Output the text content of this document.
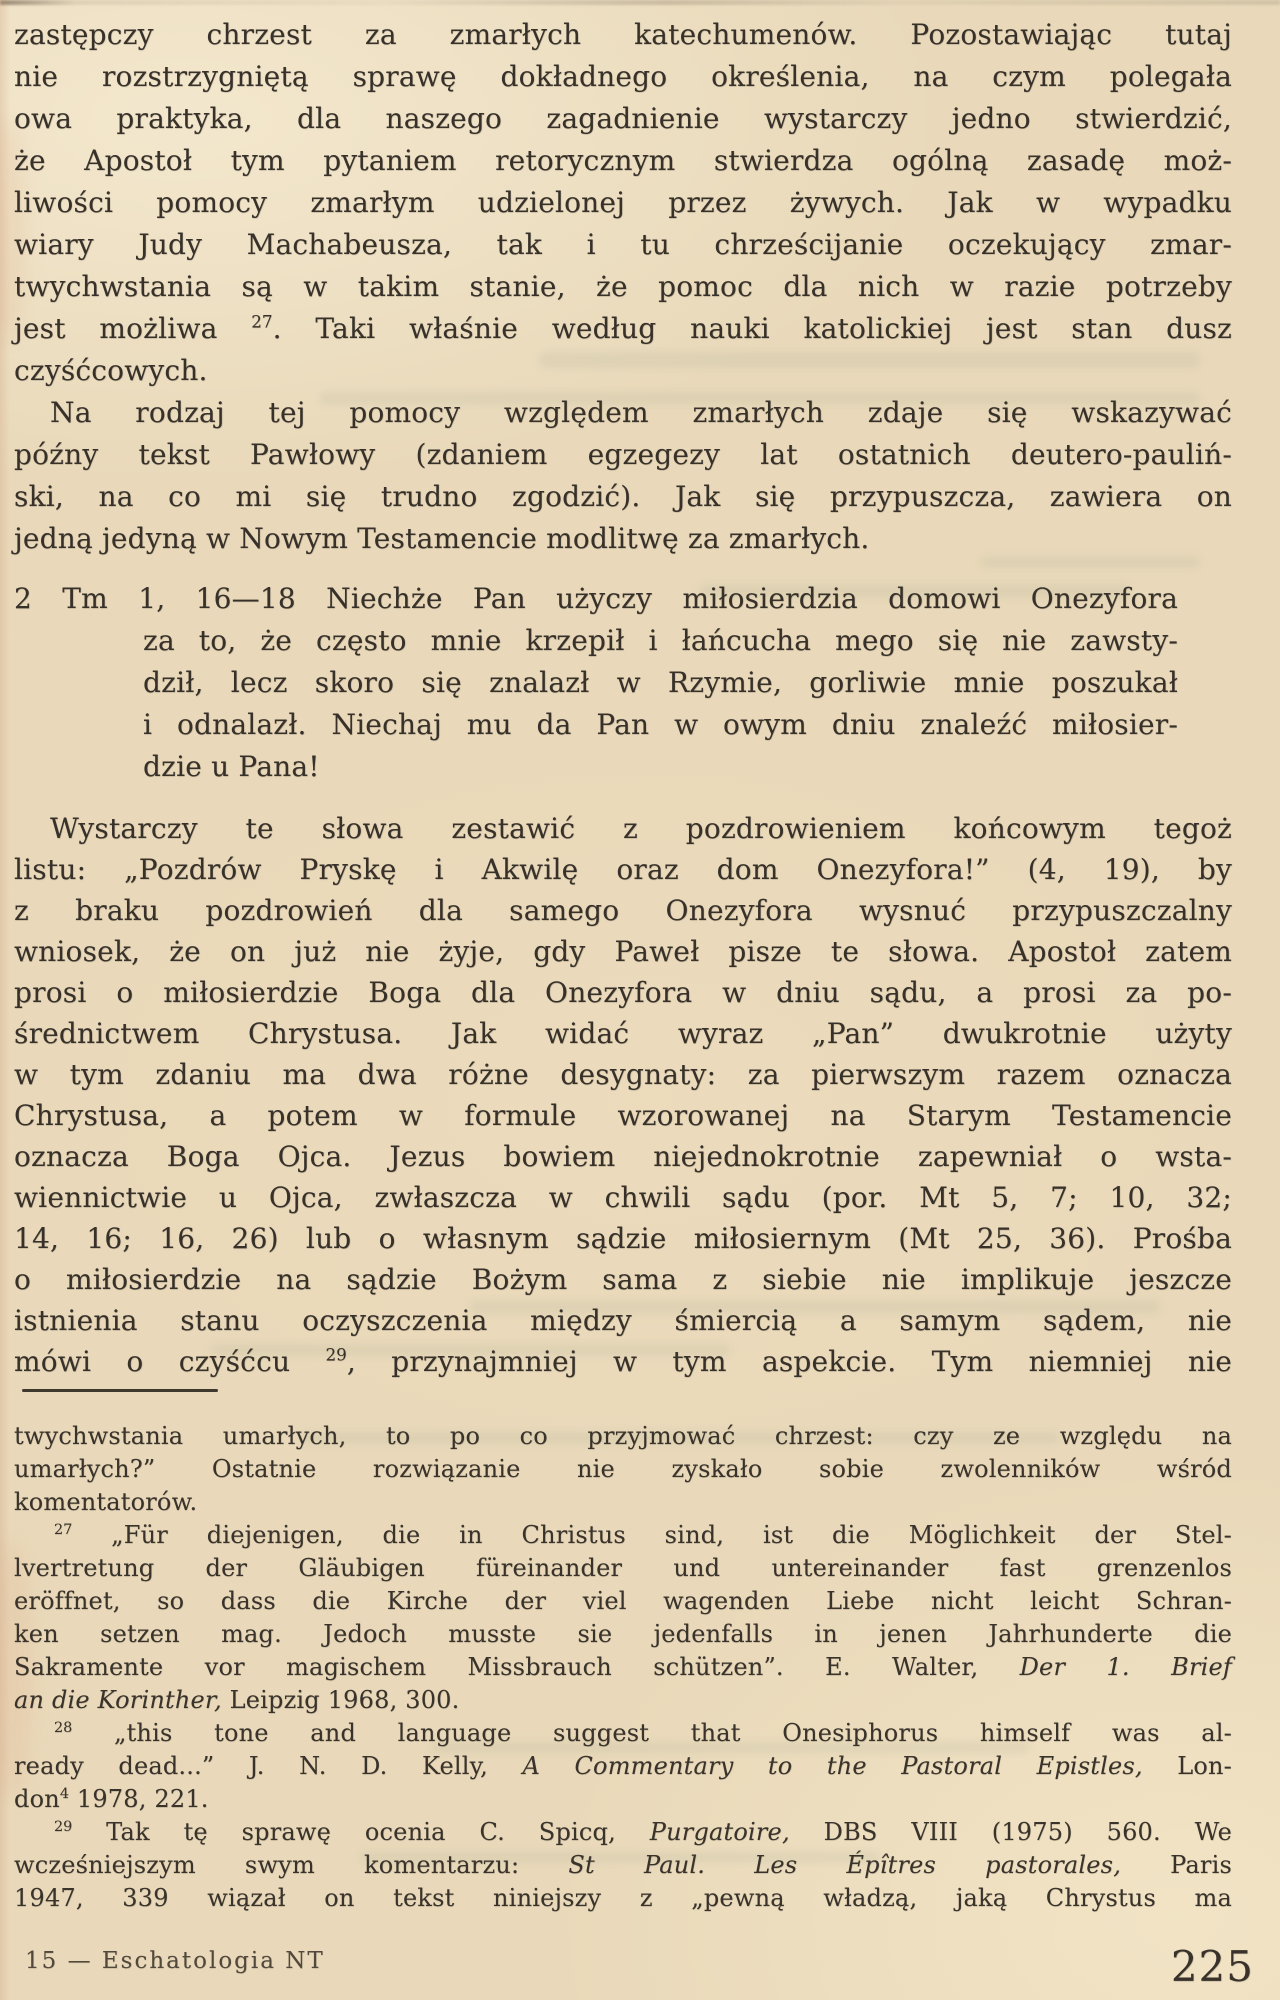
zastępczy chrzest za zmarłych katechumenów. Pozostawiając tutaj
nie rozstrzygniętą sprawę dokładnego określenia, na czym polegała
owa praktyka, dla naszego zagadnienie wystarczy jedno stwierdzić,
że Apostoł tym pytaniem retorycznym stwierdza ogólną zasadę moż-
liwości pomocy zmarłym udzielonej przez żywych. Jak w wypadku
wiary Judy Machabeusza, tak i tu chrześcijanie oczekujący zmar-
twychwstania są w takim stanie, że pomoc dla nich w razie potrzeby
jest możliwa $^{27}$. Taki właśnie według nauki katolickiej jest stan dusz
czyśćcowych.
Na rodzaj tej pomocy względem zmarłych zdaje się wskazywać
późny tekst Pawłowy (zdaniem egzegezy lat ostatnich deutero-pauliń-
ski, na co mi się trudno zgodzić). Jak się przypuszcza, zawiera on
jedną jedyną w Nowym Testamencie modlitwę za zmarłych.
2 Tm 1, 16—18 Niechże Pan użyczy miłosierdzia domowi Onezyfora
za to, że często mnie krzepił i łańcucha mego się nie zawsty-
dził, lecz skoro się znalazł w Rzymie, gorliwie mnie poszukał
i odnalazł. Niechaj mu da Pan w owym dniu znaleźć miłosier-
dzie u Pana!
Wystarczy te słowa zestawić z pozdrowieniem końcowym tegoż
listu: „Pozdrów Pryskę i Akwilę oraz dom Onezyfora!” (4, 19), by
z braku pozdrowień dla samego Onezyfora wysnuć przypuszczalny
wniosek, że on już nie żyje, gdy Paweł pisze te słowa. Apostoł zatem
prosi o miłosierdzie Boga dla Onezyfora w dniu sądu, a prosi za po-
średnictwem Chrystusa. Jak widać wyraz „Pan” dwukrotnie użyty
w tym zdaniu ma dwa różne desygnaty: za pierwszym razem oznacza
Chrystusa, a potem w formule wzorowanej na Starym Testamencie
oznacza Boga Ojca. Jezus bowiem niejednokrotnie zapewniał o wsta-
wiennictwie u Ojca, zwłaszcza w chwili sądu (por. Mt 5, 7; 10, 32;
14, 16; 16, 26) lub o własnym sądzie miłosiernym (Mt 25, 36). Prośba
o miłosierdzie na sądzie Bożym sama z siebie nie implikuje jeszcze
istnienia stanu oczyszczenia między śmiercią a samym sądem, nie
mówi o czyśćcu $^{29}$, przynajmniej w tym aspekcie. Tym niemniej nie
twychwstania umarłych, to po co przyjmować chrzest: czy ze względu na
umarłych?” Ostatnie rozwiązanie nie zyskało sobie zwolenników wśród
komentatorów.
$^{27}$ „Für diejenigen, die in Christus sind, ist die Möglichkeit der Stel-
lvertretung der Gläubigen füreinander und untereinander fast grenzenlos
eröffnet, so dass die Kirche der viel wagenden Liebe nicht leicht Schran-
ken setzen mag. Jedoch musste sie jedenfalls in jenen Jahrhunderte die
Sakramente vor magischem Missbrauch schützen”. E. Walter, Der 1. Brief
an die Korinther, Leipzig 1968, 300.
$^{28}$ „this tone and language suggest that Onesiphorus himself was al-
ready dead...” J. N. D. Kelly, A Commentary to the Pastoral Epistles, Lon-
don$^4$ 1978, 221.
$^{29}$ Tak tę sprawę ocenia C. Spicq, Purgatoire, DBS VIII (1975) 560. We
wcześniejszym swym komentarzu: St Paul. Les Épîtres pastorales, Paris
1947, 339 wiązał on tekst niniejszy z „pewną władzą, jaką Chrystus ma
15 — Eschatologia NT	225
